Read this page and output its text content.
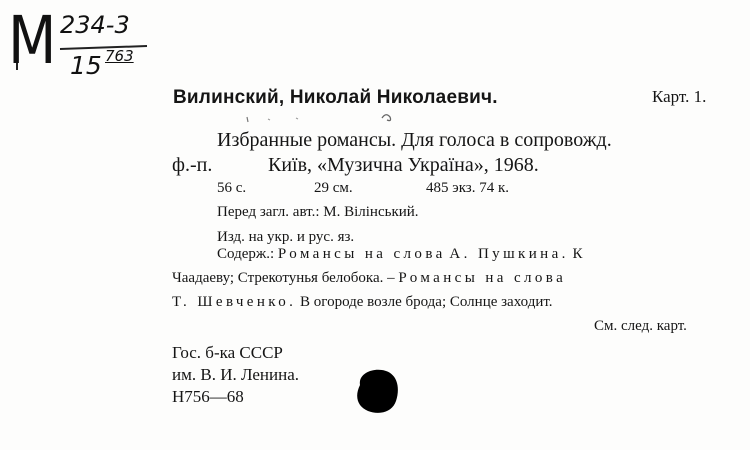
М 234-3
15 763
Карт. 1.
Вилинский, Николай Николаевич.
Избранные романсы. Для голоса в сопровожд.
ф.-п.	Київ, «Музична Україна», 1968.
56 с.	29 см.	485 экз. 74 к.
Перед загл. авт.: М. Вілінський.
Изд. на укр. и рус. яз.
Содерж.: Романсы на слова А. Пушкина. К
Чаадаеву; Стрекотунья белобока. – Романсы на слова
Т. Шевченко. В огороде возле брода; Солнце заходит.
См. след. карт.
Гос. б-ка СССР
им. В. И. Ленина.
Н756—68
